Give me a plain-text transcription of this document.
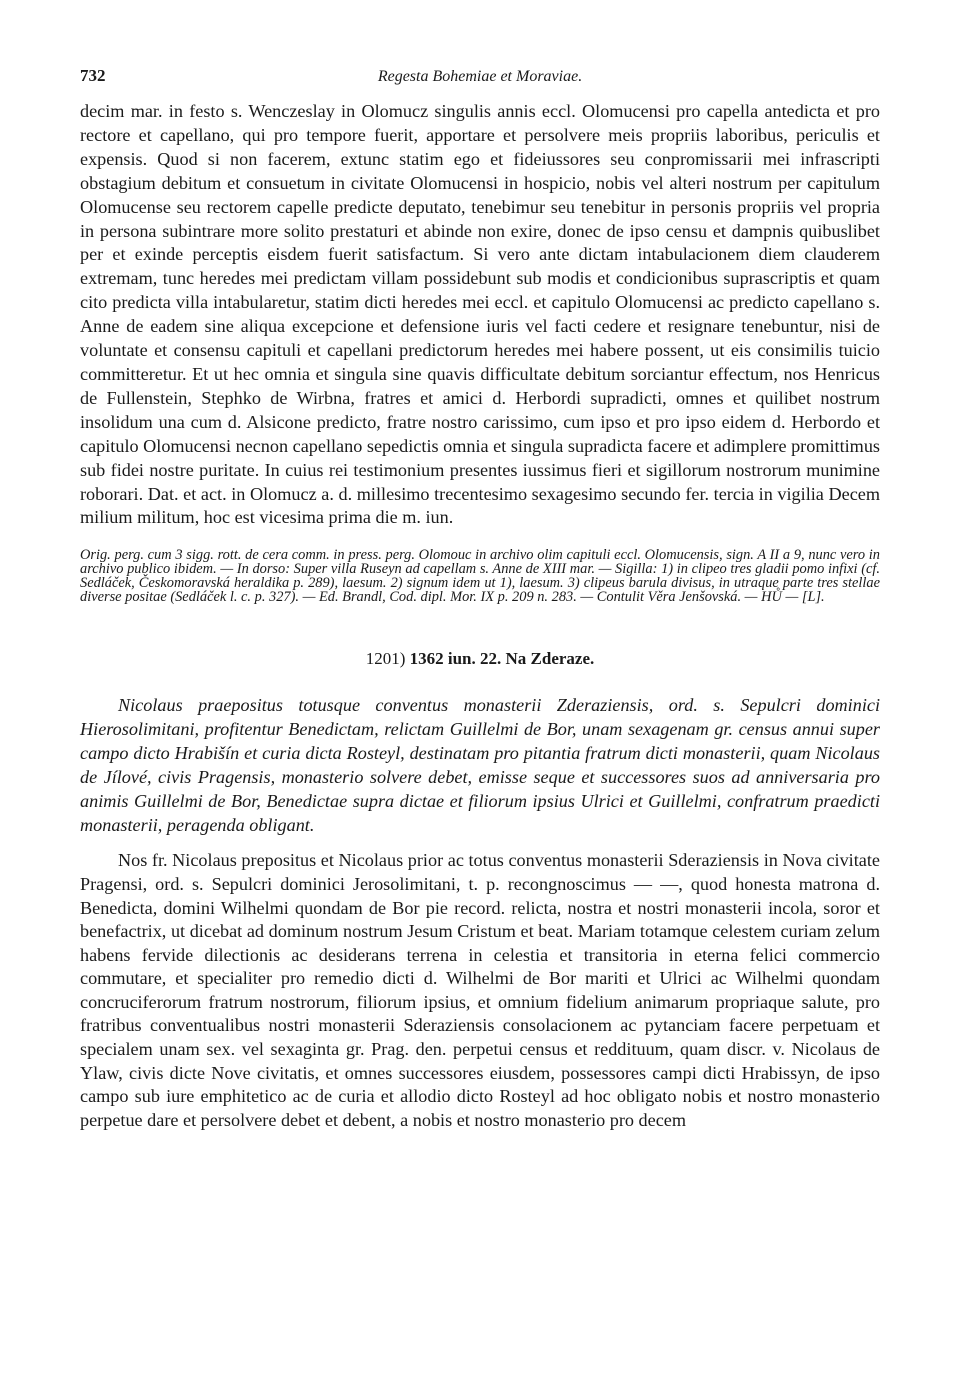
732	Regesta Bohemiae et Moraviae.

decim mar. in festo s. Wenczeslay in Olomucz singulis annis eccl. Olomucensi pro capella antedicta et pro rectore et capellano, qui pro tempore fuerit, apportare et persolvere meis propriis laboribus, periculis et expensis. Quod si non facerem, extunc statim ego et fideiussores seu conpromissarii mei infrascripti obstagium debitum et consuetum in civitate Olomucensi in hospicio, nobis vel alteri nostrum per capitulum Olomucense seu rectorem capelle predicte deputato, tenebimur seu tenebitur in personis propriis vel propria in persona subintrare more solito prestaturi et abinde non exire, donec de ipso censu et dampnis quibuslibet per et exinde perceptis eisdem fuerit satisfactum. Si vero ante dictam intabulacionem diem clauderem extremam, tunc heredes mei predictam villam possidebunt sub modis et condicionibus suprascriptis et quam cito predicta villa intabularetur, statim dicti heredes mei eccl. et capitulo Olomucensi ac predicto capellano s. Anne de eadem sine aliqua excepcione et defensione iuris vel facti cedere et resignare tenebuntur, nisi de voluntate et consensu capituli et capellani predictorum heredes mei habere possent, ut eis consimilis tuicio committeretur. Et ut hec omnia et singula sine quavis difficultate debitum sorciantur effectum, nos Henricus de Fullenstein, Stephko de Wirbna, fratres et amici d. Herbordi supradicti, omnes et quilibet nostrum insolidum una cum d. Alsicone predicto, fratre nostro carissimo, cum ipso et pro ipso eidem d. Herbordo et capitulo Olomucensi necnon capellano sepedictis omnia et singula supradicta facere et adimplere promittimus sub fidei nostre puritate. In cuius rei testimonium presentes iussimus fieri et sigillorum nostrorum munimine roborari. Dat. et act. in Olomucz a. d. millesimo trecentesimo sexagesimo secundo fer. tercia in vigilia Decem milium militum, hoc est vicesima prima die m. iun.

Orig. perg. cum 3 sigg. rott. de cera comm. in press. perg. Olomouc in archivo olim capituli eccl. Olomucensis, sign. A II a 9, nunc vero in archivo publico ibidem. — In dorso: Super villa Ruseyn ad capellam s. Anne de XIII mar. — Sigilla: 1) in clipeo tres gladii pomo infixi (cf. Sedláček, Českomoravská heraldika p. 289), laesum. 2) signum idem ut 1), laesum. 3) clipeus barula divisus, in utraque parte tres stellae diverse positae (Sedláček l. c. p. 327). — Ed. Brandl, Cod. dipl. Mor. IX p. 209 n. 283. — Contulit Věra Jenšovská. — HŮ — [L].

1201) 1362 iun. 22. Na Zderaze.

Nicolaus praepositus totusque conventus monasterii Zderaziensis, ord. s. Sepulcri dominici Hierosolimitani, profitentur Benedictam, relictam Guillelmi de Bor, unam sexagenam gr. census annui super campo dicto Hrabišín et curia dicta Rosteyl, destinatam pro pitantia fratrum dicti monasterii, quam Nicolaus de Jílové, civis Pragensis, monasterio solvere debet, emisse seque et successores suos ad anniversaria pro animis Guillelmi de Bor, Benedictae supra dictae et filiorum ipsius Ulrici et Guillelmi, confratrum praedicti monasterii, peragenda obligant.

Nos fr. Nicolaus prepositus et Nicolaus prior ac totus conventus monasterii Sderaziensis in Nova civitate Pragensi, ord. s. Sepulcri dominici Jerosolimitani, t. p. recongnoscimus — —, quod honesta matrona d. Benedicta, domini Wilhelmi quondam de Bor pie record. relicta, nostra et nostri monasterii incola, soror et benefactrix, ut dicebat ad dominum nostrum Jesum Cristum et beat. Mariam totamque celestem curiam zelum habens fervide dilectionis ac desiderans terrena in celestia et transitoria in eterna felici commercio commutare, et specialiter pro remedio dicti d. Wilhelmi de Bor mariti et Ulrici ac Wilhelmi quondam concruciferorum fratrum nostrorum, filiorum ipsius, et omnium fidelium animarum propriaque salute, pro fratribus conventualibus nostri monasterii Sderaziensis consolacionem ac pytanciam facere perpetuam et specialem unam sex. vel sexaginta gr. Prag. den. perpetui census et reddituum, quam discr. v. Nicolaus de Ylaw, civis dicte Nove civitatis, et omnes successores eiusdem, possessores campi dicti Hrabissyn, de ipso campo sub iure emphitetico ac de curia et allodio dicto Rosteyl ad hoc obligato nobis et nostro monasterio perpetue dare et persolvere debet et debent, a nobis et nostro monasterio pro decem
